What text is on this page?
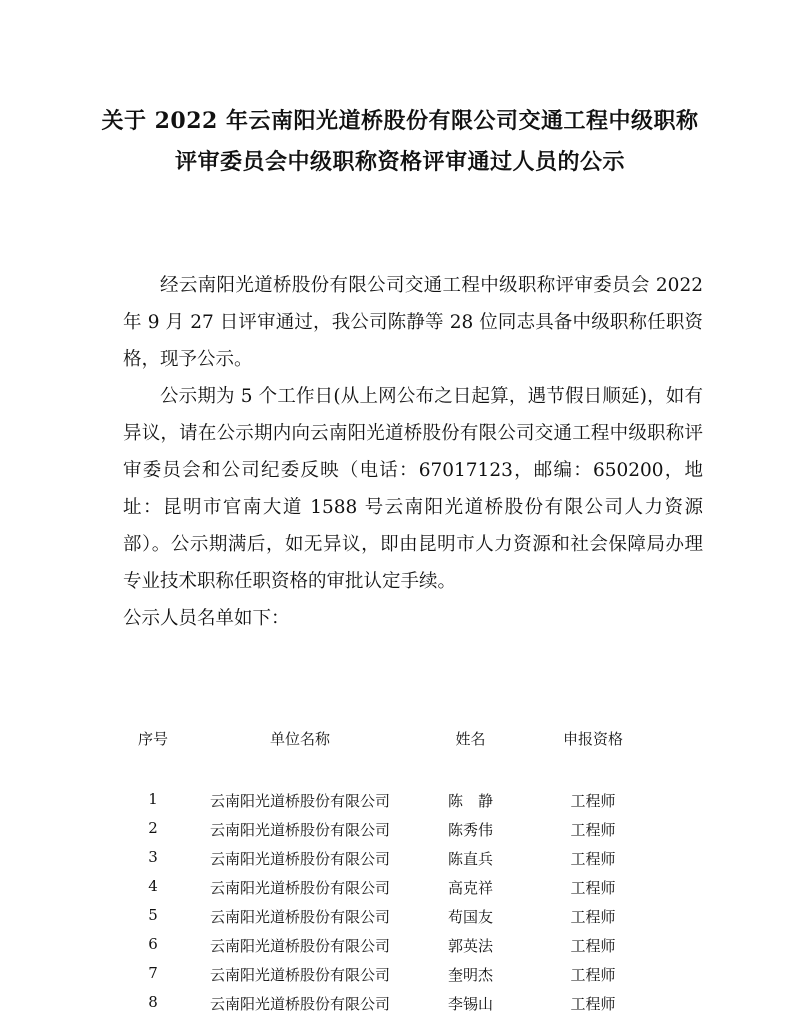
关于 2022 年云南阳光道桥股份有限公司交通工程中级职称
评审委员会中级职称资格评审通过人员的公示

经云南阳光道桥股份有限公司交通工程中级职称评审委员会 2022 年 9 月 27 日评审通过，我公司陈静等 28 位同志具备中级职称任职资格，现予公示。

公示期为 5 个工作日(从上网公布之日起算，遇节假日顺延)，如有异议，请在公示期内向云南阳光道桥股份有限公司交通工程中级职称评审委员会和公司纪委反映（电话：67017123，邮编：650200，地址：昆明市官南大道 1588 号云南阳光道桥股份有限公司人力资源部）。公示期满后，如无异议，即由昆明市人力资源和社会保障局办理专业技术职称任职资格的审批认定手续。

公示人员名单如下：

序号	单位名称	姓名	申报资格
1	云南阳光道桥股份有限公司	陈　静	工程师
2	云南阳光道桥股份有限公司	陈秀伟	工程师
3	云南阳光道桥股份有限公司	陈直兵	工程师
4	云南阳光道桥股份有限公司	高克祥	工程师
5	云南阳光道桥股份有限公司	苟国友	工程师
6	云南阳光道桥股份有限公司	郭英法	工程师
7	云南阳光道桥股份有限公司	奎明杰	工程师
8	云南阳光道桥股份有限公司	李锡山	工程师
